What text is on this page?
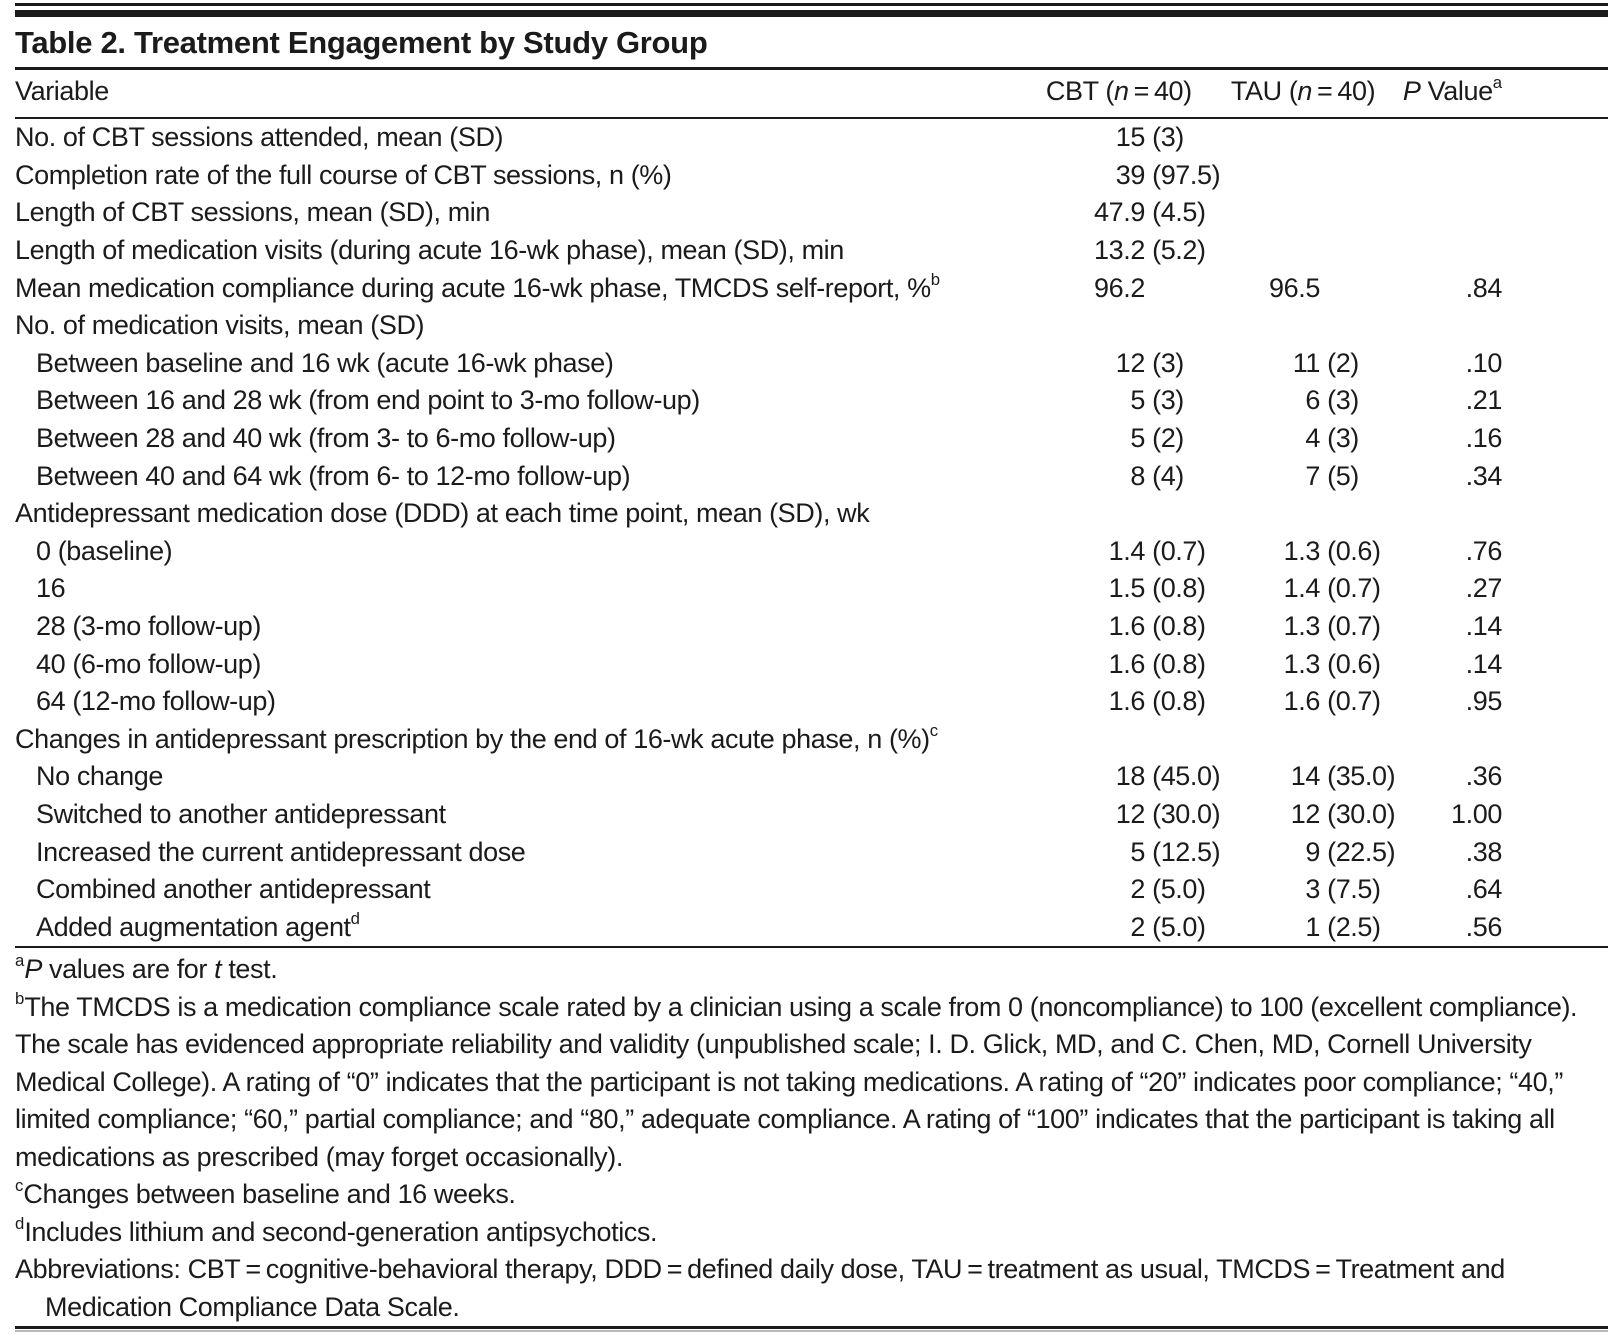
Table 2. Treatment Engagement by Study Group
Variable	CBT (n = 40)	TAU (n = 40) P Value$^a$
No. of CBT sessions attended, mean (SD)	15 (3)
Completion rate of the full course of CBT sessions, n (%)	39 (97.5)
Length of CBT sessions, mean (SD), min	47.9 (4.5)
Length of medication visits (during acute 16-wk phase), mean (SD), min	13.2 (5.2)
Mean medication compliance during acute 16-wk phase, TMCDS self-report, %$^b$	96.2	96.5	.84
No. of medication visits, mean (SD)
Between baseline and 16 wk (acute 16-wk phase)	12 (3)	11 (2)	.10
Between 16 and 28 wk (from end point to 3-mo follow-up)	5 (3)	6 (3)	.21
Between 28 and 40 wk (from 3- to 6-mo follow-up)	5 (2)	4 (3)	.16
Between 40 and 64 wk (from 6- to 12-mo follow-up)	8 (4)	7 (5)	.34
Antidepressant medication dose (DDD) at each time point, mean (SD), wk
0 (baseline)	1.4 (0.7)	1.3 (0.6)	.76
16	1.5 (0.8)	1.4 (0.7)	.27
28 (3-mo follow-up)	1.6 (0.8)	1.3 (0.7)	.14
40 (6-mo follow-up)	1.6 (0.8)	1.3 (0.6)	.14
64 (12-mo follow-up)	1.6 (0.8)	1.6 (0.7)	.95
Changes in antidepressant prescription by the end of 16-wk acute phase, n (%)$^c$
No change	18 (45.0)	14 (35.0)	.36
Switched to another antidepressant	12 (30.0)	12 (30.0)	1.00
Increased the current antidepressant dose	5 (12.5)	9 (22.5)	.38
Combined another antidepressant	2 (5.0)	3 (7.5)	.64
Added augmentation agent$^d$	2 (5.0)	1 (2.5)	.56
$^a$P values are for t test.
$^b$The TMCDS is a medication compliance scale rated by a clinician using a scale from 0 (noncompliance) to 100 (excellent compliance). The scale has evidenced appropriate reliability and validity (unpublished scale; I. D. Glick, MD, and C. Chen, MD, Cornell University Medical College). A rating of “0” indicates that the participant is not taking medications. A rating of “20” indicates poor compliance; “40,” limited compliance; “60,” partial compliance; and “80,” adequate compliance. A rating of “100” indicates that the participant is taking all medications as prescribed (may forget occasionally).
$^c$Changes between baseline and 16 weeks.
$^d$Includes lithium and second-generation antipsychotics.
Abbreviations: CBT = cognitive-behavioral therapy, DDD = defined daily dose, TAU = treatment as usual, TMCDS = Treatment and Medication Compliance Data Scale.
